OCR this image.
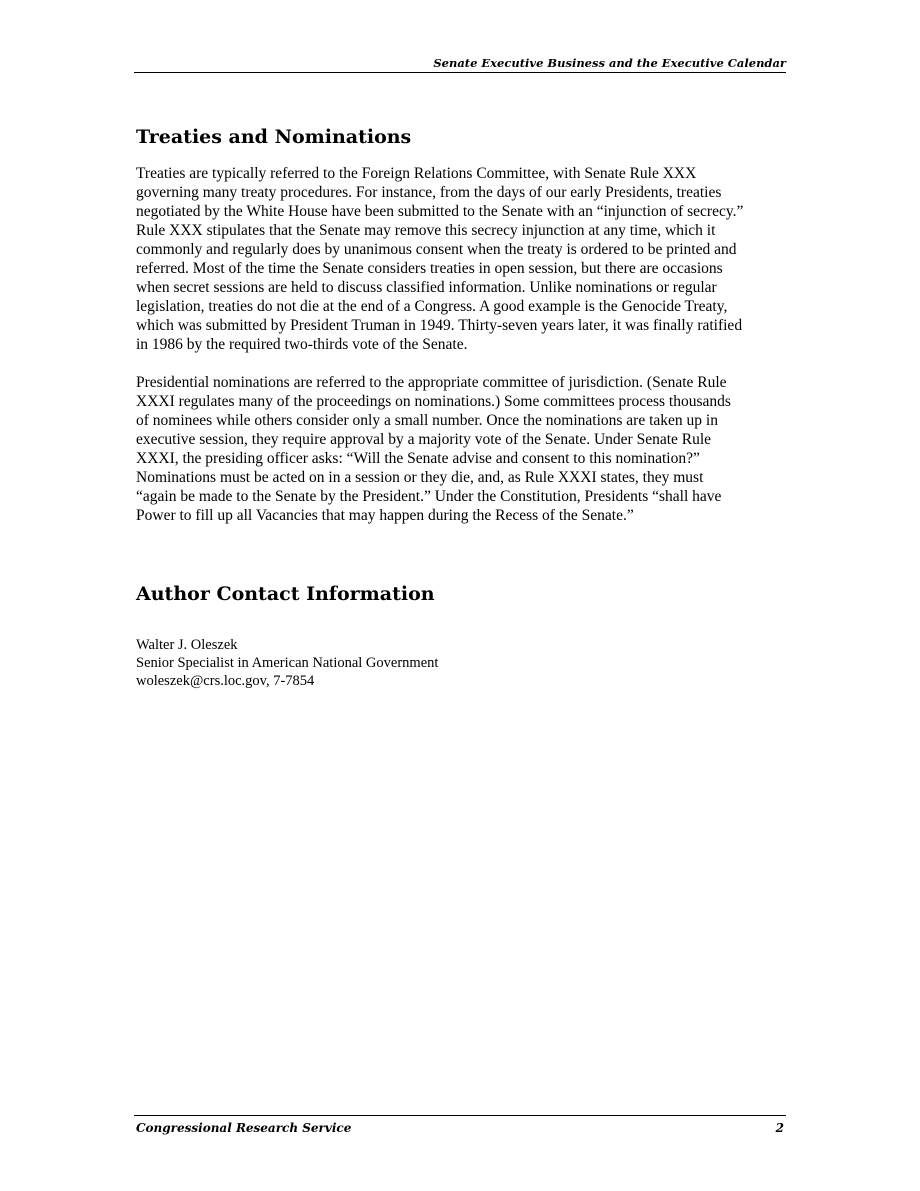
Senate Executive Business and the Executive Calendar
Treaties and Nominations

Treaties are typically referred to the Foreign Relations Committee, with Senate Rule XXX
governing many treaty procedures. For instance, from the days of our early Presidents, treaties
negotiated by the White House have been submitted to the Senate with an “injunction of secrecy.”
Rule XXX stipulates that the Senate may remove this secrecy injunction at any time, which it
commonly and regularly does by unanimous consent when the treaty is ordered to be printed and
referred. Most of the time the Senate considers treaties in open session, but there are occasions
when secret sessions are held to discuss classified information. Unlike nominations or regular
legislation, treaties do not die at the end of a Congress. A good example is the Genocide Treaty,
which was submitted by President Truman in 1949. Thirty-seven years later, it was finally ratified
in 1986 by the required two-thirds vote of the Senate.

Presidential nominations are referred to the appropriate committee of jurisdiction. (Senate Rule
XXXI regulates many of the proceedings on nominations.) Some committees process thousands
of nominees while others consider only a small number. Once the nominations are taken up in
executive session, they require approval by a majority vote of the Senate. Under Senate Rule
XXXI, the presiding officer asks: “Will the Senate advise and consent to this nomination?”
Nominations must be acted on in a session or they die, and, as Rule XXXI states, they must
“again be made to the Senate by the President.” Under the Constitution, Presidents “shall have
Power to fill up all Vacancies that may happen during the Recess of the Senate.”

Author Contact Information
Walter J. Oleszek
Senior Specialist in American National Government
woleszek@crs.loc.gov, 7-7854
Congressional Research Service	2
